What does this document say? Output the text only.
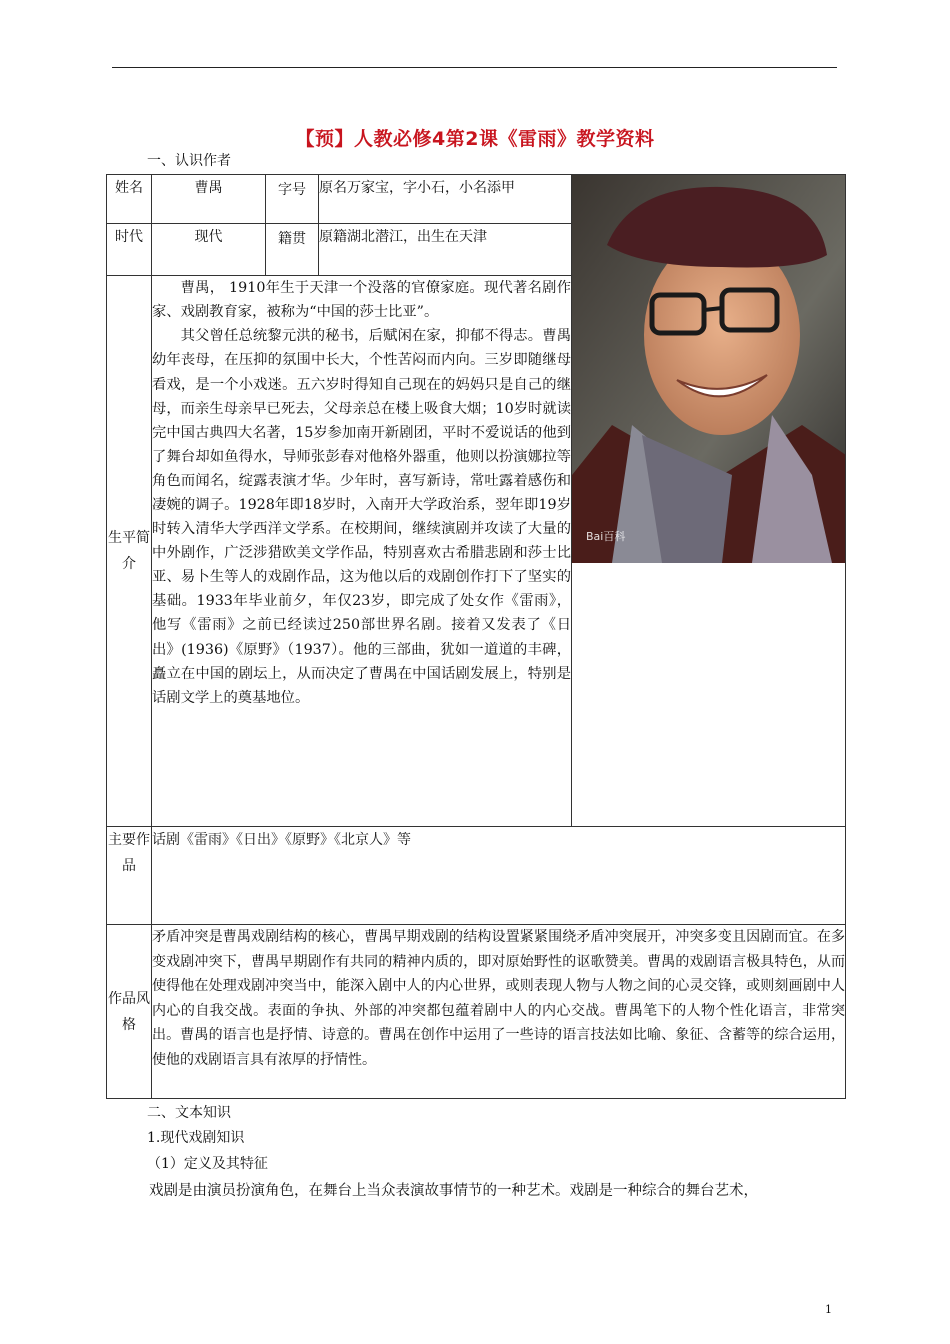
【预】人教必修4第2课《雷雨》教学资料
一、认识作者
姓名	曹禺	字号	原名万家宝，字小石，小名添甲	Bai百科

时代	现代	籍贯	原籍湖北潜江，出生在天津	
生平简介	曹禺， 1910年生于天津一个没落的官僚家庭。现代著名剧作家、戏剧教育家，被称为“中国的莎士比亚”。

其父曾任总统黎元洪的秘书，后赋闲在家，抑郁不得志。曹禺幼年丧母，在压抑的氛围中长大，个性苦闷而内向。三岁即随继母看戏，是一个小戏迷。五六岁时得知自己现在的妈妈只是自己的继母，而亲生母亲早已死去，父母亲总在楼上吸食大烟；10岁时就读完中国古典四大名著，15岁参加南开新剧团，平时不爱说话的他到了舞台却如鱼得水，导师张彭春对他格外器重，他则以扮演娜拉等角色而闻名，绽露表演才华。少年时，喜写新诗，常吐露着感伤和凄婉的调子。1928年即18岁时，入南开大学政治系，翌年即19岁时转入清华大学西洋文学系。在校期间，继续演剧并攻读了大量的中外剧作，广泛涉猎欧美文学作品，特别喜欢古希腊悲剧和莎士比亚、易卜生等人的戏剧作品，这为他以后的戏剧创作打下了坚实的基础。1933年毕业前夕，年仅23岁，即完成了处女作《雷雨》，他写《雷雨》之前已经读过250部世界名剧。接着又发表了《日出》(1936)《原野》（1937）。他的三部曲，犹如一道道的丰碑，矗立在中国的剧坛上，从而决定了曹禺在中国话剧发展上，特别是话剧文学上的奠基地位。			

主要作品	话剧《雷雨》《日出》《原野》《北京人》等			
作品风格	矛盾冲突是曹禺戏剧结构的核心，曹禺早期戏剧的结构设置紧紧围绕矛盾冲突展开，冲突多变且因剧而宜。在多变戏剧冲突下，曹禺早期剧作有共同的精神内质的，即对原始野性的讴歌赞美。曹禺的戏剧语言极具特色，从而使得他在处理戏剧冲突当中，能深入剧中人的内心世界，或则表现人物与人物之间的心灵交锋，或则刻画剧中人内心的自我交战。表面的争执、外部的冲突都包蕴着剧中人的内心交战。曹禺笔下的人物个性化语言，非常突出。曹禺的语言也是抒情、诗意的。曹禺在创作中运用了一些诗的语言技法如比喻、象征、含蓄等的综合运用，使他的戏剧语言具有浓厚的抒情性。			
二、文本知识
1.现代戏剧知识
（1）定义及其特征
戏剧是由演员扮演角色，在舞台上当众表演故事情节的一种艺术。戏剧是一种综合的舞台艺术，
1
